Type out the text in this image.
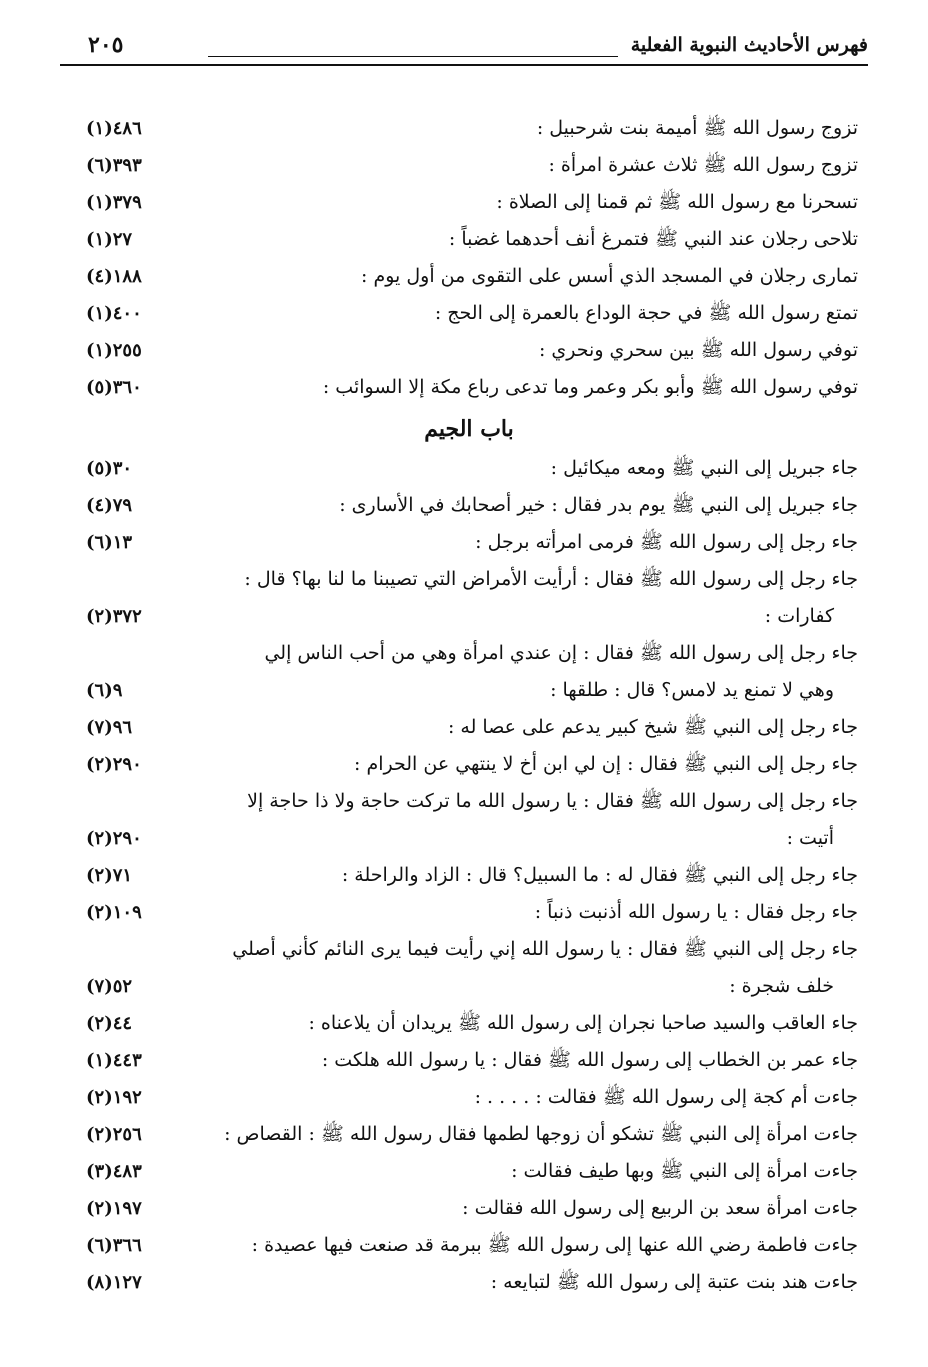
فهرس الأحاديث النبوية الفعلية
٢٠٥
تزوج رسول الله ﷺ أميمة بنت شرحبيل :
٤٨٦(١)
تزوج رسول الله ﷺ ثلاث عشرة امرأة :
٣٩٣(٦)
تسحرنا مع رسول الله ﷺ ثم قمنا إلى الصلاة :
٣٧٩(١)
تلاحى رجلان عند النبي ﷺ فتمرغ أنف أحدهما غضباً :
٢٧(١)
تمارى رجلان في المسجد الذي أسس على التقوى من أول يوم :
١٨٨(٤)
تمتع رسول الله ﷺ في حجة الوداع بالعمرة إلى الحج :
٤٠٠(١)
توفي رسول الله ﷺ بين سحري ونحري :
٢٥٥(١)
توفي رسول الله ﷺ وأبو بكر وعمر وما تدعى رباع مكة إلا السوائب :
٣٦٠(٥)
باب الجيم
جاء جبريل إلى النبي ﷺ ومعه ميكائيل :
٣٠(٥)
جاء جبريل إلى النبي ﷺ يوم بدر فقال : خير أصحابك في الأسارى :
٧٩(٤)
جاء رجل إلى رسول الله ﷺ فرمى امرأته برجل :
١٣(٦)
جاء رجل إلى رسول الله ﷺ فقال : أرأيت الأمراض التي تصيبنا ما لنا بها؟ قال :
كفارات :
٣٧٢(٢)
جاء رجل إلى رسول الله ﷺ فقال : إن عندي امرأة وهي من أحب الناس إلي
وهي لا تمنع يد لامس؟ قال : طلقها :
٩(٦)
جاء رجل إلى النبي ﷺ شيخ كبير يدعم على عصا له :
٩٦(٧)
جاء رجل إلى النبي ﷺ فقال : إن لي ابن أخ لا ينتهي عن الحرام :
٢٩٠(٢)
جاء رجل إلى رسول الله ﷺ فقال : يا رسول الله ما تركت حاجة ولا ذا حاجة إلا
أتيت :
٢٩٠(٢)
جاء رجل إلى النبي ﷺ فقال له : ما السبيل؟ قال : الزاد والراحلة :
٧١(٢)
جاء رجل فقال : يا رسول الله أذنبت ذنباً :
١٠٩(٢)
جاء رجل إلى النبي ﷺ فقال : يا رسول الله إني رأيت فيما يرى النائم كأني أصلي
خلف شجرة :
٥٢(٧)
جاء العاقب والسيد صاحبا نجران إلى رسول الله ﷺ يريدان أن يلاعناه :
٤٤(٢)
جاء عمر بن الخطاب إلى رسول الله ﷺ فقال : يا رسول الله هلكت :
٤٤٣(١)
جاءت أم كجة إلى رسول الله ﷺ فقالت : . . . . :
١٩٢(٢)
جاءت امرأة إلى النبي ﷺ تشكو أن زوجها لطمها فقال رسول الله ﷺ : القصاص :
٢٥٦(٢)
جاءت امرأة إلى النبي ﷺ وبها طيف فقالت :
٤٨٣(٣)
جاءت امرأة سعد بن الربيع إلى رسول الله فقالت :
١٩٧(٢)
جاءت فاطمة رضي الله عنها إلى رسول الله ﷺ ببرمة قد صنعت فيها عصيدة :
٣٦٦(٦)
جاءت هند بنت عتبة إلى رسول الله ﷺ لتبايعه :
١٢٧(٨)
